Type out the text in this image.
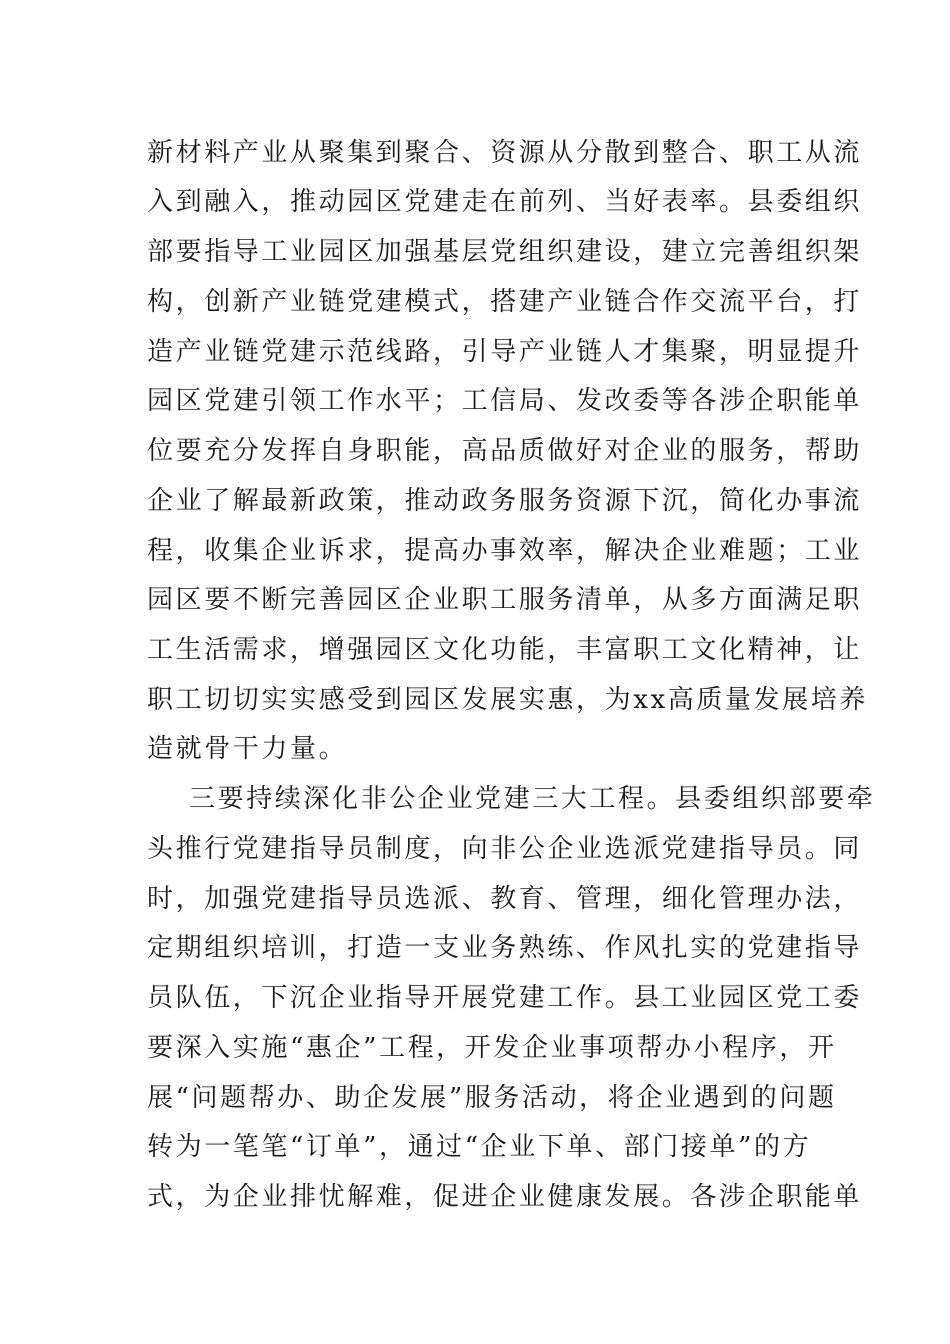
新材料产业从聚集到聚合、资源从分散到整合、职工从流
入到融入，推动园区党建走在前列、当好表率。县委组织
部要指导工业园区加强基层党组织建设，建立完善组织架
构，创新产业链党建模式，搭建产业链合作交流平台，打
造产业链党建示范线路，引导产业链人才集聚，明显提升
园区党建引领工作水平；工信局、发改委等各涉企职能单
位要充分发挥自身职能，高品质做好对企业的服务，帮助
企业了解最新政策，推动政务服务资源下沉，简化办事流
程，收集企业诉求，提高办事效率，解决企业难题；工业
园区要不断完善园区企业职工服务清单，从多方面满足职
工生活需求，增强园区文化功能，丰富职工文化精神，让
职工切切实实感受到园区发展实惠，为xx高质量发展培养
造就骨干力量。
三要持续深化非公企业党建三大工程。县委组织部要牵
头推行党建指导员制度，向非公企业选派党建指导员。同
时，加强党建指导员选派、教育、管理，细化管理办法，
定期组织培训，打造一支业务熟练、作风扎实的党建指导
员队伍，下沉企业指导开展党建工作。县工业园区党工委
要深入实施“惠企”工程，开发企业事项帮办小程序，开
展“问题帮办、助企发展”服务活动，将企业遇到的问题
转为一笔笔“订单”，通过“企业下单、部门接单”的方
式，为企业排忧解难，促进企业健康发展。各涉企职能单
